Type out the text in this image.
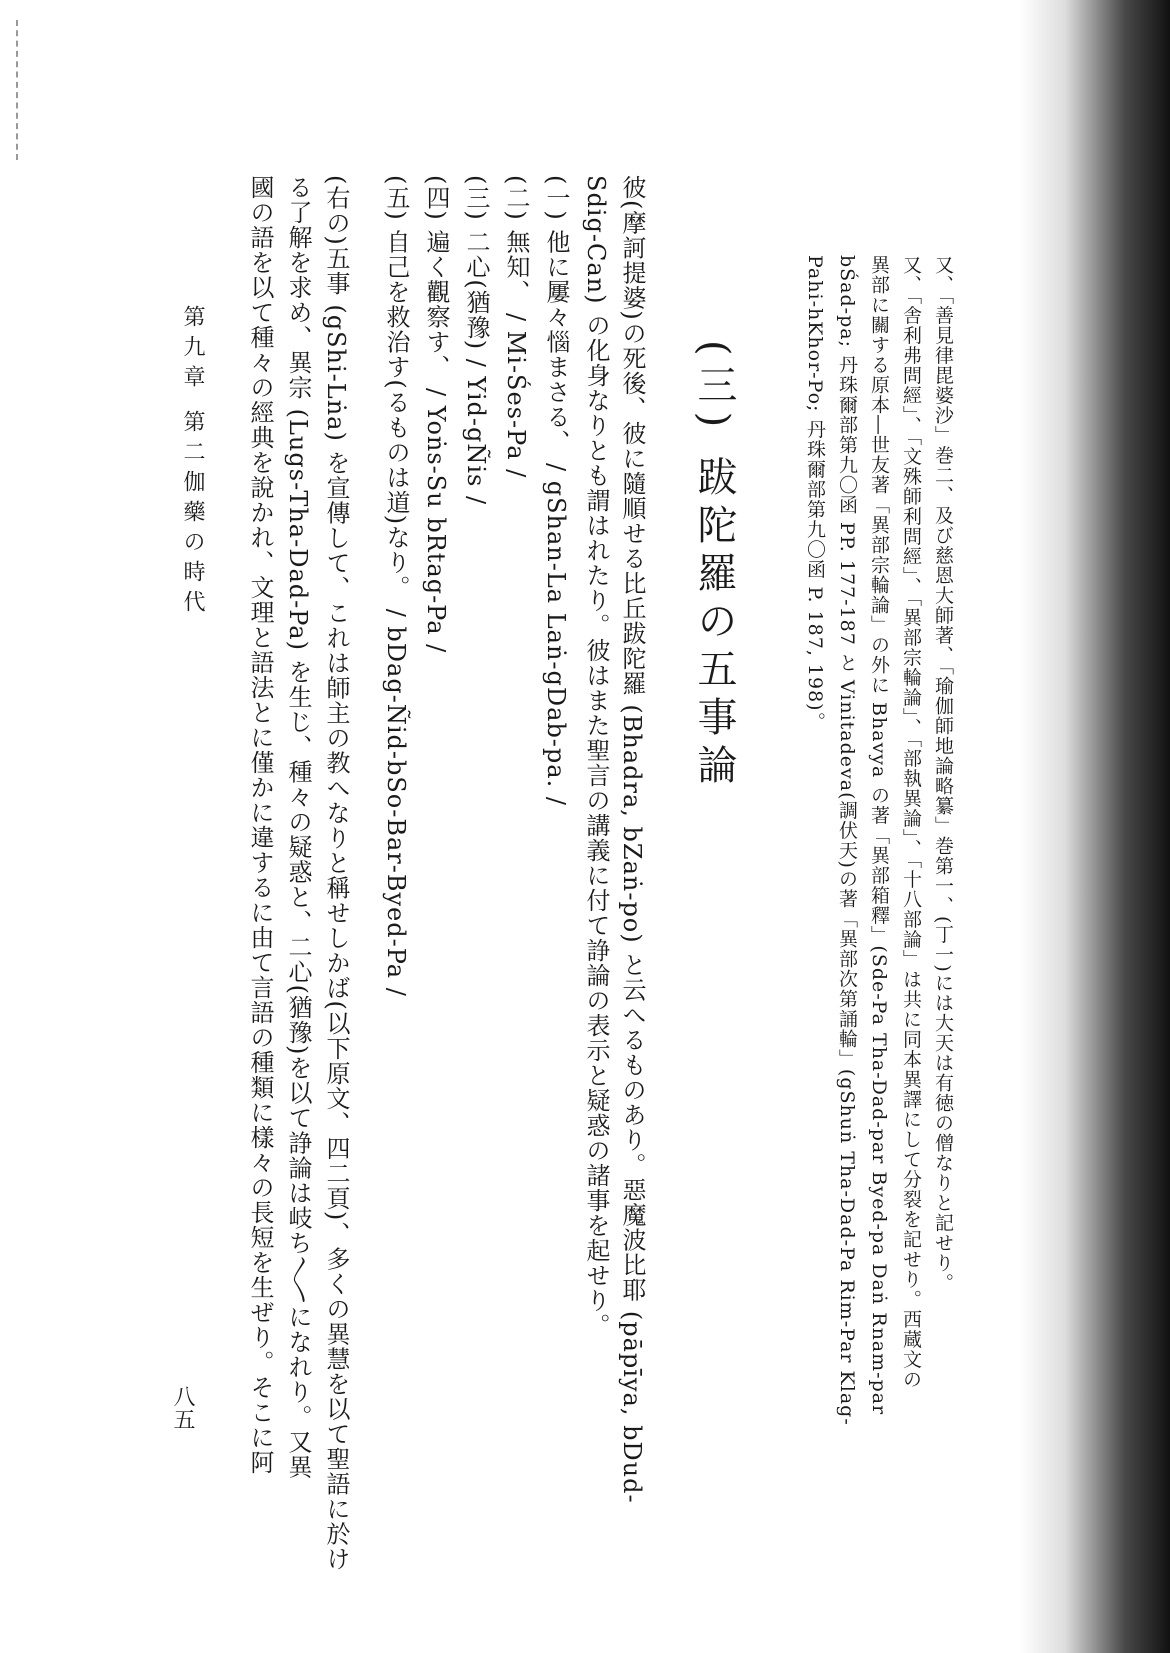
又、「善見律毘婆沙」巻二、及び慈恩大師著、「瑜伽師地論略纂」巻第一、(丁一)には大天は有徳の僧なりと記せり。
又、「舎利弗問經」、「文殊師利問經」、「異部宗輪論」、「部執異論」、「十八部論」は共に同本異譯にして分裂を記せり。西蔵文の
異部に關する原本―世友著「異部宗輪論」の外に Bhavya の著「異部箱釋」(Sde-Pa Tha-Dad-par Byed-pa Daṅ Rnam-par
bŚad-pa; 丹珠爾部第九〇函 PP. 177-187 と Vinitadeva(調伏天)の著「異部次第誦輪」(gShuṅ Tha-Dad-Pa Rim-Par Klag-
Pahi-hKhor-Po; 丹珠爾部第九〇函 P. 187, 198)。
(三) 跋陀羅の五事論
彼(摩訶提婆)の死後、彼に隨順せる比丘跋陀羅 (Bhadra, bZaṅ-po) と云へるものあり。惡魔波比耶 (pāpīya, bDud-
Sdig-Can) の化身なりとも謂はれたり。彼はまた聖言の講義に付て諍論の表示と疑惑の諸事を起せり。
(一) 他に屢々惱まさる、 / gShan-La Laṅ-gDab-pa. /
(二) 無知、 / Mi-Śes-Pa /
(三) 二心(猶豫) / Yid-gÑis /
(四) 遍く觀察す、 / Yoṅs-Su bRtag-Pa /
(五) 自己を救治す(るものは道)なり。 / bDag-Ñid-bSo-Bar-Byed-Pa /
(右の)五事 (gShi-Lṅa) を宣傳して、これは師主の教へなりと稱せしかば(以下原文、四二頁)、多くの異慧を以て聖語に於け
る了解を求め、異宗 (Lugs-Tha-Dad-Pa) を生じ、種々の疑惑と、二心(猶豫)を以て諍論は岐ち〳〵になれり。又異
國の語を以て種々の經典を說かれ、文理と語法とに僅かに違するに由て言語の種類に樣々の長短を生ぜり。そこに阿
第九章 第二伽藥の時代
八五
